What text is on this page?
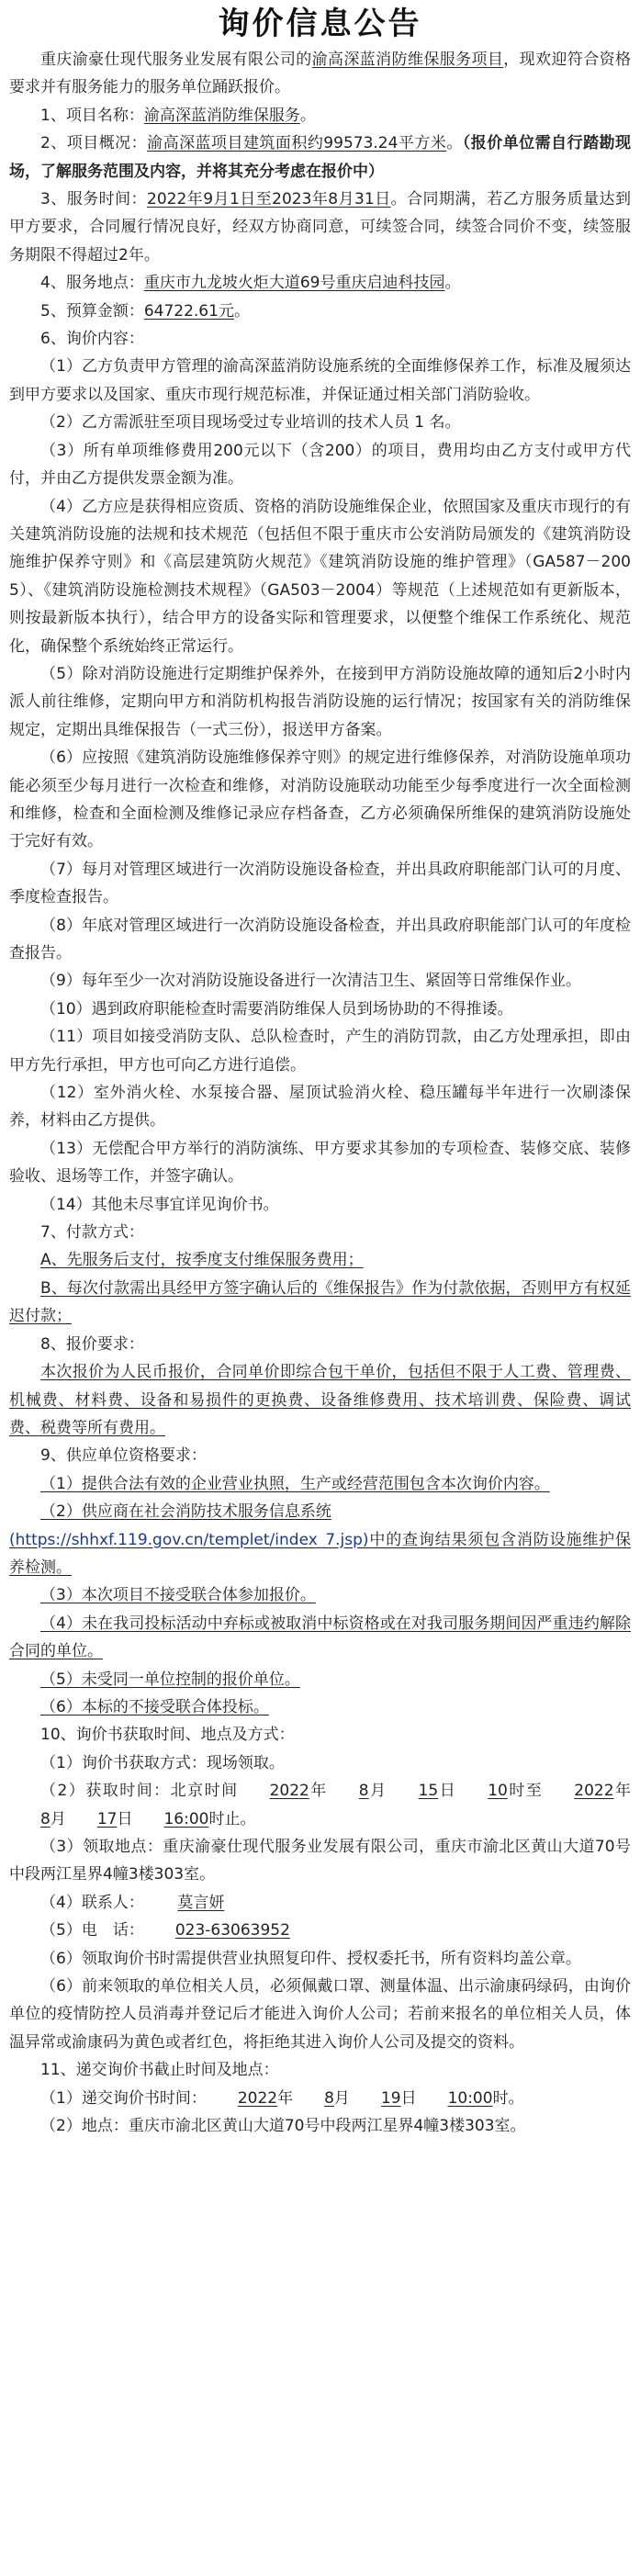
询价信息公告

重庆渝豪仕现代服务业发展有限公司的渝高深蓝消防维保服务项目，现欢迎符合资格要求并有服务能力的服务单位踊跃报价。

1、项目名称：渝高深蓝消防维保服务。

2、项目概况：渝高深蓝项目建筑面积约99573.24平方米。（报价单位需自行踏勘现场，了解服务范围及内容，并将其充分考虑在报价中）

3、服务时间：2022年9月1日至2023年8月31日。合同期满，若乙方服务质量达到甲方要求，合同履行情况良好，经双方协商同意，可续签合同，续签合同价不变，续签服务期限不得超过2年。

4、服务地点：重庆市九龙坡火炬大道69号重庆启迪科技园。

5、预算金额：64722.61元。

6、询价内容：

（1）乙方负责甲方管理的渝高深蓝消防设施系统的全面维修保养工作，标准及履须达到甲方要求以及国家、重庆市现行规范标准，并保证通过相关部门消防验收。

（2）乙方需派驻至项目现场受过专业培训的技术人员 1 名。

（3）所有单项维修费用200元以下（含200）的项目，费用均由乙方支付或甲方代付，并由乙方提供发票金额为准。

（4）乙方应是获得相应资质、资格的消防设施维保企业，依照国家及重庆市现行的有关建筑消防设施的法规和技术规范（包括但不限于重庆市公安消防局颁发的《建筑消防设施维护保养守则》和《高层建筑防火规范》《建筑消防设施的维护管理》（GA587－2005）、《建筑消防设施检测技术规程》（GA503－2004）等规范（上述规范如有更新版本，则按最新版本执行），结合甲方的设备实际和管理要求，以便整个维保工作系统化、规范化，确保整个系统始终正常运行。

（5）除对消防设施进行定期维护保养外，在接到甲方消防设施故障的通知后2小时内派人前往维修，定期向甲方和消防机构报告消防设施的运行情况；按国家有关的消防维保规定，定期出具维保报告（一式三份），报送甲方备案。

（6）应按照《建筑消防设施维修保养守则》的规定进行维修保养，对消防设施单项功能必须至少每月进行一次检查和维修，对消防设施联动功能至少每季度进行一次全面检测和维修，检查和全面检测及维修记录应存档备查，乙方必须确保所维保的建筑消防设施处于完好有效。

（7）每月对管理区域进行一次消防设施设备检查，并出具政府职能部门认可的月度、季度检查报告。

（8）年底对管理区域进行一次消防设施设备检查，并出具政府职能部门认可的年度检查报告。

（9）每年至少一次对消防设施设备进行一次清洁卫生、紧固等日常维保作业。

（10）遇到政府职能检查时需要消防维保人员到场协助的不得推诿。

（11）项目如接受消防支队、总队检查时，产生的消防罚款，由乙方处理承担，即由甲方先行承担，甲方也可向乙方进行追偿。

（12）室外消火栓、水泵接合器、屋顶试验消火栓、稳压罐每半年进行一次刷漆保养，材料由乙方提供。

（13）无偿配合甲方举行的消防演练、甲方要求其参加的专项检查、装修交底、装修验收、退场等工作，并签字确认。

（14）其他未尽事宜详见询价书。

7、付款方式：

A、先服务后支付，按季度支付维保服务费用；

B、每次付款需出具经甲方签字确认后的《维保报告》作为付款依据，否则甲方有权延迟付款；

8、报价要求：

本次报价为人民币报价，合同单价即综合包干单价，包括但不限于人工费、管理费、机械费、材料费、设备和易损件的更换费、设备维修费用、技术培训费、保险费、调试费、税费等所有费用。

9、供应单位资格要求：

（1）提供合法有效的企业营业执照，生产或经营范围包含本次询价内容。

（2）供应商在社会消防技术服务信息系统

(https://shhxf.119.gov.cn/templet/index_7.jsp)中的查询结果须包含消防设施维护保养检测。

（3）本次项目不接受联合体参加报价。

（4）未在我司投标活动中弃标或被取消中标资格或在对我司服务期间因严重违约解除合同的单位。

（5）未受同一单位控制的报价单位。

（6）本标的不接受联合体投标。

10、询价书获取时间、地点及方式：

（1）询价书获取方式：现场领取。

（2）获取时间：北京时间 2022年 8月 15日 10时至 2022年8月 17日 16:00时止。

（3）领取地点：重庆渝豪仕现代服务业发展有限公司，重庆市渝北区黄山大道70号中段两江星界4幢3楼303室。

（4）联系人： 莫言妍

（5）电　话： 023-63063952

（6）领取询价书时需提供营业执照复印件、授权委托书，所有资料均盖公章。

（6）前来领取的单位相关人员，必须佩戴口罩、测量体温、出示渝康码绿码，由询价单位的疫情防控人员消毒并登记后才能进入询价人公司；若前来报名的单位相关人员，体温异常或渝康码为黄色或者红色，将拒绝其进入询价人公司及提交的资料。

11、递交询价书截止时间及地点：

（1）递交询价书时间： 2022年 8月 19日 10:00时。

（2）地点：重庆市渝北区黄山大道70号中段两江星界4幢3楼303室。
